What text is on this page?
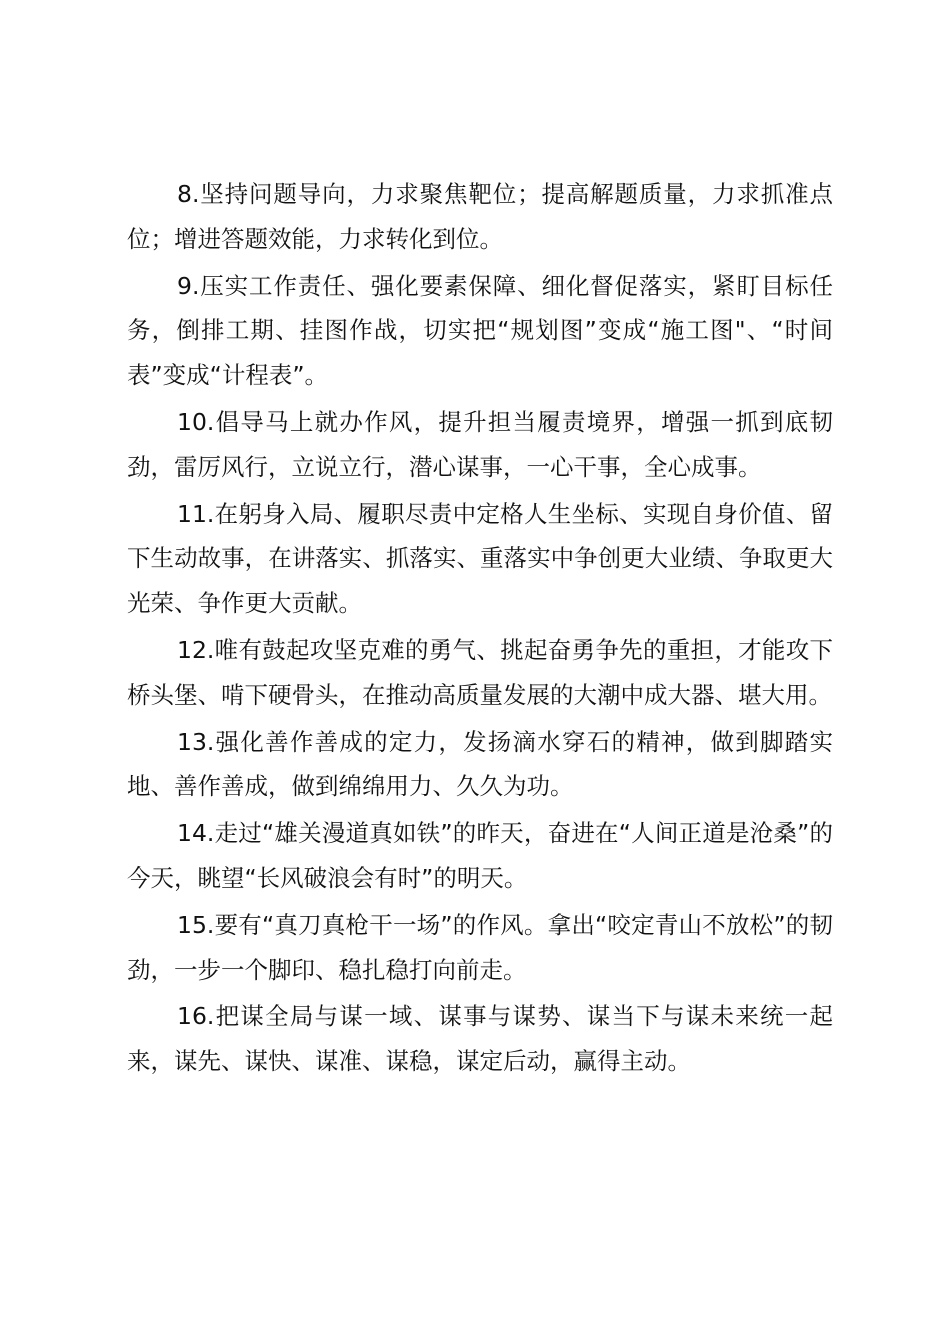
8.坚持问题导向，力求聚焦靶位；提高解题质量，力求抓准点位；增进答题效能，力求转化到位。

9.压实工作责任、强化要素保障、细化督促落实，紧盯目标任务，倒排工期、挂图作战，切实把“规划图”变成“施工图"、“时间表”变成“计程表”。

10.倡导马上就办作风，提升担当履责境界，增强一抓到底韧劲，雷厉风行，立说立行，潜心谋事，一心干事，全心成事。

11.在躬身入局、履职尽责中定格人生坐标、实现自身价值、留下生动故事，在讲落实、抓落实、重落实中争创更大业绩、争取更大光荣、争作更大贡献。

12.唯有鼓起攻坚克难的勇气、挑起奋勇争先的重担，才能攻下桥头堡、啃下硬骨头，在推动高质量发展的大潮中成大器、堪大用。

13.强化善作善成的定力，发扬滴水穿石的精神，做到脚踏实地、善作善成，做到绵绵用力、久久为功。

14.走过“雄关漫道真如铁”的昨天，奋进在“人间正道是沧桑”的今天，眺望“长风破浪会有时”的明天。

15.要有“真刀真枪干一场”的作风。拿出“咬定青山不放松”的韧劲，一步一个脚印、稳扎稳打向前走。

16.把谋全局与谋一域、谋事与谋势、谋当下与谋未来统一起来，谋先、谋快、谋准、谋稳，谋定后动，赢得主动。
